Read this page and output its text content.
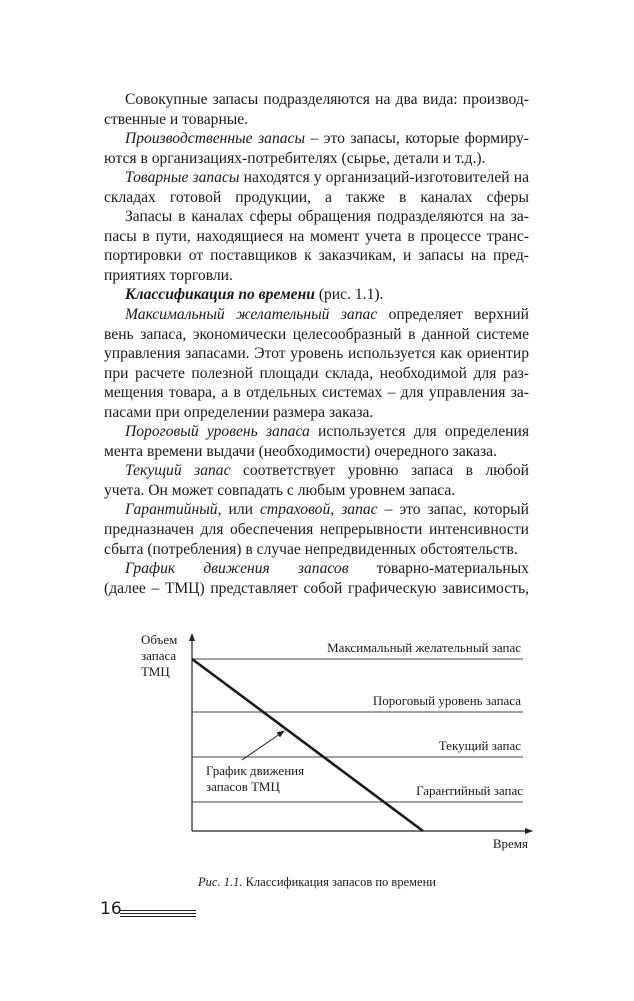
Совокупные запасы подразделяются на два вида: производ-
ственные и товарные.
Производственные запасы – это запасы, которые формиру-
ются в организациях-потребителях (сырье, детали и т.д.).
Товарные запасы находятся у организаций-изготовителей на
складах готовой продукции, а также в каналах сферы
Запасы в каналах сферы обращения подразделяются на за-
пасы в пути, находящиеся на момент учета в процессе транс-
портировки от поставщиков к заказчикам, и запасы на пред-
приятиях торговли.
Классификация по времени (рис. 1.1).
Максимальный желательный запас определяет верхний
вень запаса, экономически целесообразный в данной системе
управления запасами. Этот уровень используется как ориентир
при расчете полезной площади склада, необходимой для раз-
мещения товара, а в отдельных системах – для управления за-
пасами при определении размера заказа.
Пороговый уровень запаса используется для определения
мента времени выдачи (необходимости) очередного заказа.
Текущий запас соответствует уровню запаса в любой
учета. Он может совпадать с любым уровнем запаса.
Гарантийный, или страховой, запас – это запас, который
предназначен для обеспечения непрерывности интенсивности
сбыта (потребления) в случае непредвиденных обстоятельств.
График движения запасов товарно-материальных
(далее – ТМЦ) представляет собой графическую зависимость,
Объем
запаса
ТМЦ
Максимальный желательный запас
Пороговый уровень запаса
Текущий запас
Гарантийный запас
График движения
запасов ТМЦ
Время
Рис. 1.1. Классификация запасов по времени
16
